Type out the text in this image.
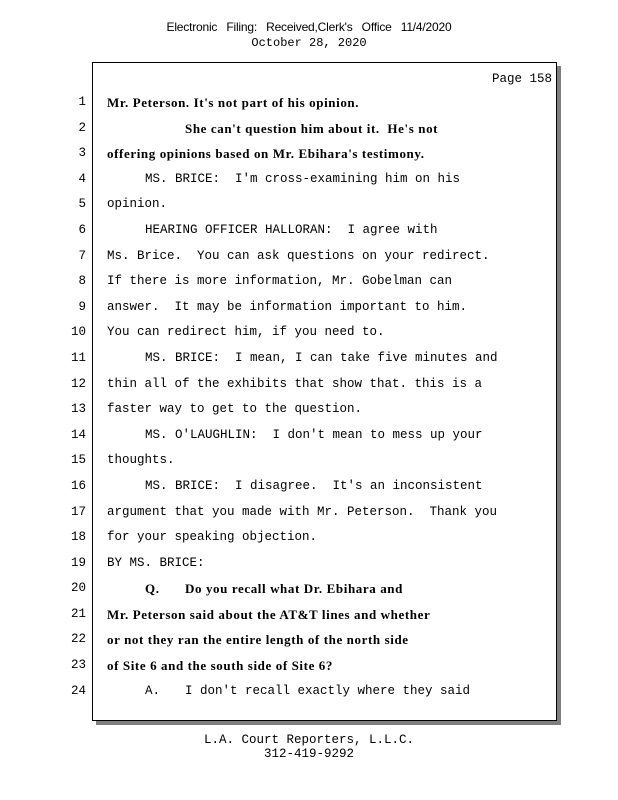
Electronic Filing: Received,Clerk's Office 11/4/2020
October 28, 2020
Page 158
1
2
3
4
5
6
7
8
9
10
11
12
13
14
15
16
17
18
19
20
21
22
23
24
Mr. Peterson. It's not part of his opinion.
She can't question him about it.  He's not
offering opinions based on Mr. Ebihara's testimony.
MS. BRICE:  I'm cross-examining him on his
opinion.
HEARING OFFICER HALLORAN:  I agree with
Ms. Brice.  You can ask questions on your redirect.
If there is more information, Mr. Gobelman can
answer.  It may be information important to him.
You can redirect him, if you need to.
MS. BRICE:  I mean, I can take five minutes and
thin all of the exhibits that show that. this is a
faster way to get to the question.
MS. O'LAUGHLIN:  I don't mean to mess up your
thoughts.
MS. BRICE:  I disagree.  It's an inconsistent
argument that you made with Mr. Peterson.  Thank you
for your speaking objection.
BY MS. BRICE:
Q. Do you recall what Dr. Ebihara and
Mr. Peterson said about the AT&T lines and whether
or not they ran the entire length of the north side
of Site 6 and the south side of Site 6?
A. I don't recall exactly where they said
L.A. Court Reporters, L.L.C.
312-419-9292
